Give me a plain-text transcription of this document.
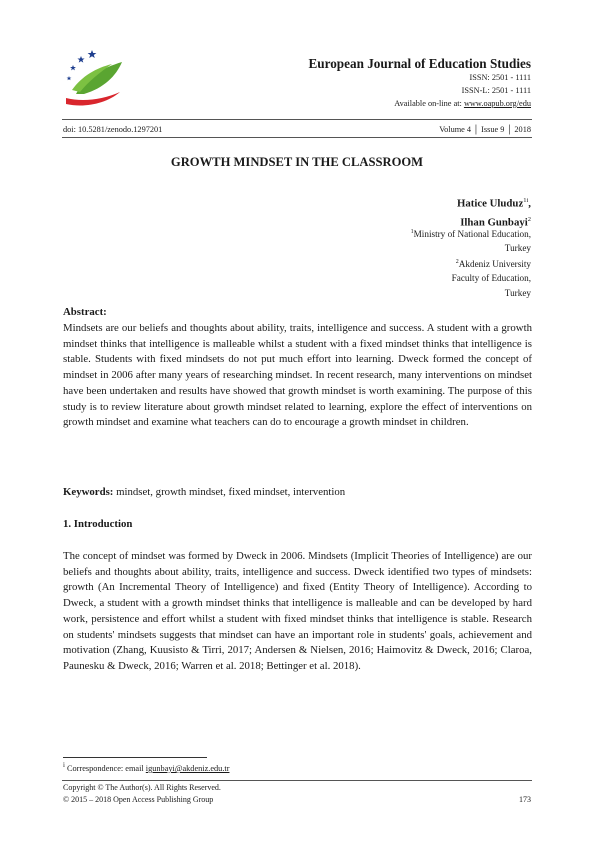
European Journal of Education Studies
ISSN: 2501 - 1111
ISSN-L: 2501 - 1111
Available on-line at: www.oapub.org/edu
doi: 10.5281/zenodo.1297201	Volume 4 │ Issue 9 │ 2018
GROWTH MINDSET IN THE CLASSROOM
Hatice Uluduz$^{1i}$,
Ilhan Gunbayi$^2$
$^1$Ministry of National Education,
Turkey
$^2$Akdeniz University
Faculty of Education,
Turkey
Abstract:
Mindsets are our beliefs and thoughts about ability, traits, intelligence and success. A student with a growth mindset thinks that intelligence is malleable whilst a student with a fixed mindset thinks that intelligence is stable. Students with fixed mindsets do not put much effort into learning. Dweck formed the concept of mindset in 2006 after many years of researching mindset. In recent research, many interventions on mindset have been undertaken and results have showed that growth mindset is worth examining. The purpose of this study is to review literature about growth mindset related to learning, explore the effect of interventions on growth mindset and examine what teachers can do to encourage a growth mindset in children.
Keywords: mindset, growth mindset, fixed mindset, intervention
1. Introduction
The concept of mindset was formed by Dweck in 2006. Mindsets (Implicit Theories of Intelligence) are our beliefs and thoughts about ability, traits, intelligence and success. Dweck identified two types of mindsets: growth (An Incremental Theory of Intelligence) and fixed (Entity Theory of Intelligence). According to Dweck, a student with a growth mindset thinks that intelligence is malleable and can be developed by hard work, persistence and effort whilst a student with fixed mindset thinks that intelligence is stable. Research on students' mindsets suggests that mindset can have an important role in students' goals, achievement and motivation (Zhang, Kuusisto & Tirri, 2017; Andersen & Nielsen, 2016; Haimovitz & Dweck, 2016; Claroa, Paunesku & Dweck, 2016; Warren et al. 2018; Bettinger et al. 2018).
$^i$ Correspondence: email igunbayi@akdeniz.edu.tr
Copyright © The Author(s). All Rights Reserved.
© 2015 – 2018 Open Access Publishing Group	173
